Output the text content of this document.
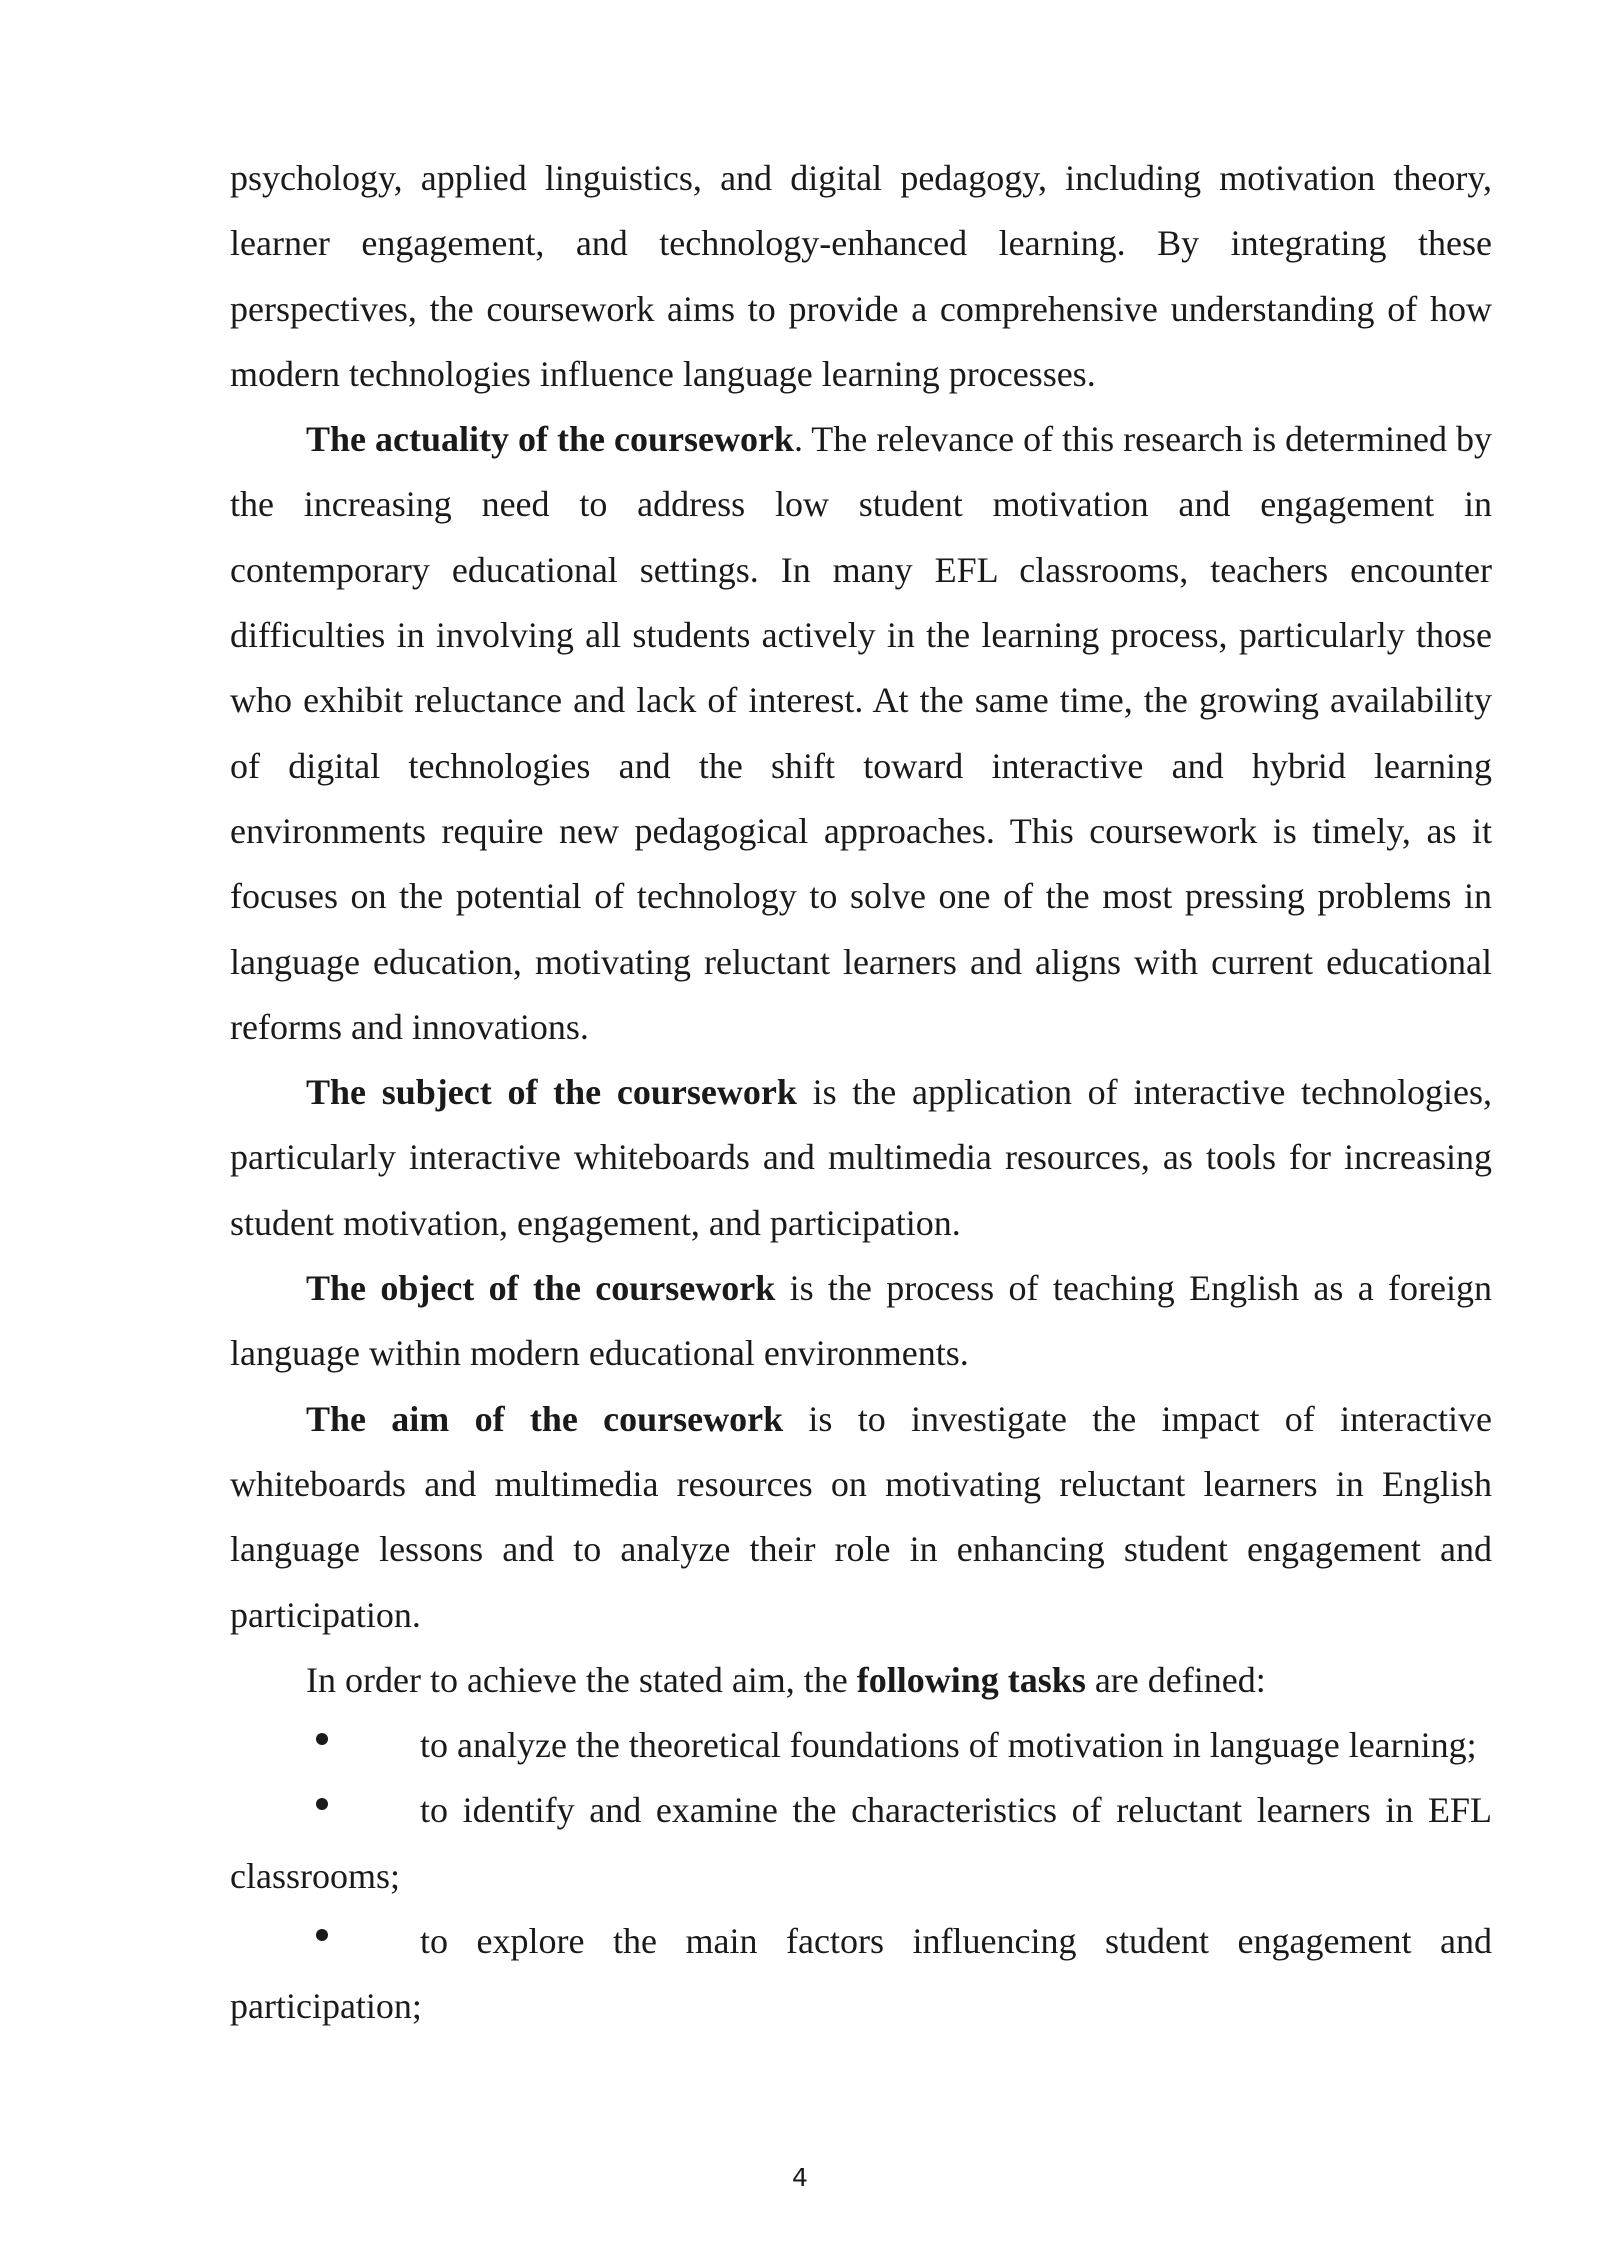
psychology, applied linguistics, and digital pedagogy, including motivation theory, learner engagement, and technology-enhanced learning. By integrating these perspectives, the coursework aims to provide a comprehensive understanding of how modern technologies influence language learning processes.

The actuality of the coursework. The relevance of this research is determined by the increasing need to address low student motivation and engagement in contemporary educational settings. In many EFL classrooms, teachers encounter difficulties in involving all students actively in the learning process, particularly those who exhibit reluctance and lack of interest. At the same time, the growing availability of digital technologies and the shift toward interactive and hybrid learning environments require new pedagogical approaches. This coursework is timely, as it focuses on the potential of technology to solve one of the most pressing problems in language education, motivating reluctant learners and aligns with current educational reforms and innovations.

The subject of the coursework is the application of interactive technologies, particularly interactive whiteboards and multimedia resources, as tools for increasing student motivation, engagement, and participation.

The object of the coursework is the process of teaching English as a foreign language within modern educational environments.

The aim of the coursework is to investigate the impact of interactive whiteboards and multimedia resources on motivating reluctant learners in English language lessons and to analyze their role in enhancing student engagement and participation.

In order to achieve the stated aim, the following tasks are defined:

to analyze the theoretical foundations of motivation in language learning;

to identify and examine the characteristics of reluctant learners in EFL classrooms;

to explore the main factors influencing student engagement and participation;

4
